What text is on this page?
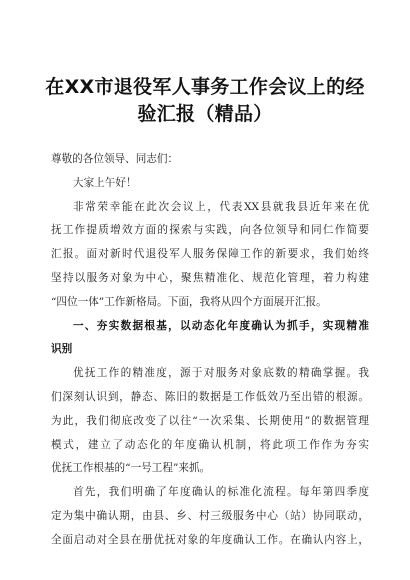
在XX市退役军人事务工作会议上的经
验汇报（精品）
尊敬的各位领导、同志们：
大家上午好！
非常荣幸能在此次会议上，代表XX县就我县近年来在优
抚工作提质增效方面的探索与实践，向各位领导和同仁作简要
汇报。面对新时代退役军人服务保障工作的新要求，我们始终
坚持以服务对象为中心，聚焦精准化、规范化管理，着力构建
“四位一体”工作新格局。下面，我将从四个方面展开汇报。
一、夯实数据根基，以动态化年度确认为抓手，实现精准
识别
优抚工作的精准度，源于对服务对象底数的精确掌握。我
们深刻认识到，静态、陈旧的数据是工作低效乃至出错的根源。
为此，我们彻底改变了以往“一次采集、长期使用”的数据管理
模式，建立了动态化的年度确认机制，将此项工作作为夯实
优抚工作根基的“一号工程”来抓。
首先，我们明确了年度确认的标准化流程。每年第四季度
定为集中确认期，由县、乡、村三级服务中心（站）协同联动，
全面启动对全县在册优抚对象的年度确认工作。在确认内容上，
